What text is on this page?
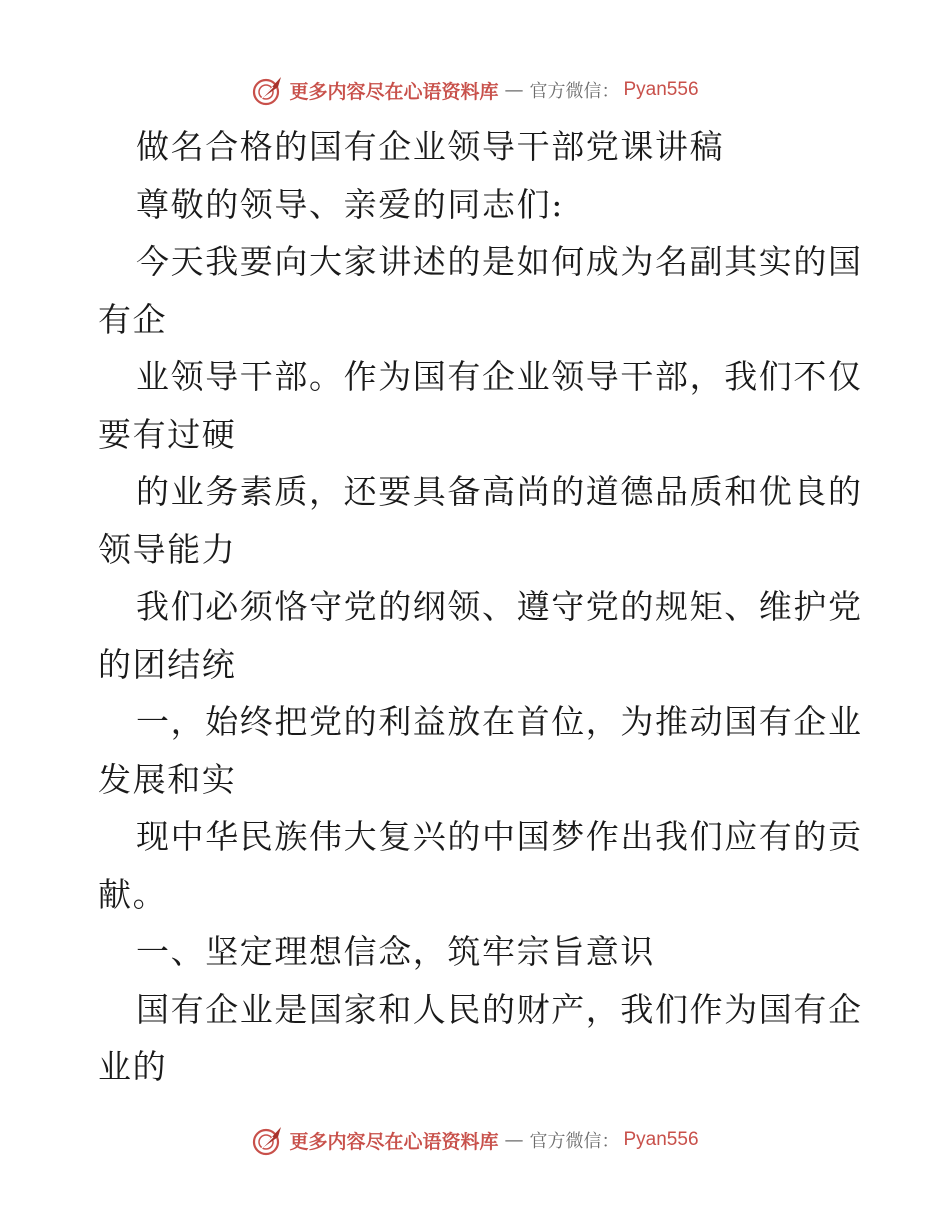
更多内容尽在心语资料库 — 官方微信： Pyan556
做名合格的国有企业领导干部党课讲稿
尊敬的领导、亲爱的同志们:
今天我要向大家讲述的是如何成为名副其实的国
有企
业领导干部。作为国有企业领导干部，我们不仅
要有过硬
的业务素质，还要具备高尚的道德品质和优良的
领导能力
我们必须恪守党的纲领、遵守党的规矩、维护党
的团结统
一，始终把党的利益放在首位，为推动国有企业
发展和实
现中华民族伟大复兴的中国梦作出我们应有的贡
献。
一、坚定理想信念，筑牢宗旨意识
国有企业是国家和人民的财产，我们作为国有企
业的
更多内容尽在心语资料库 — 官方微信： Pyan556
